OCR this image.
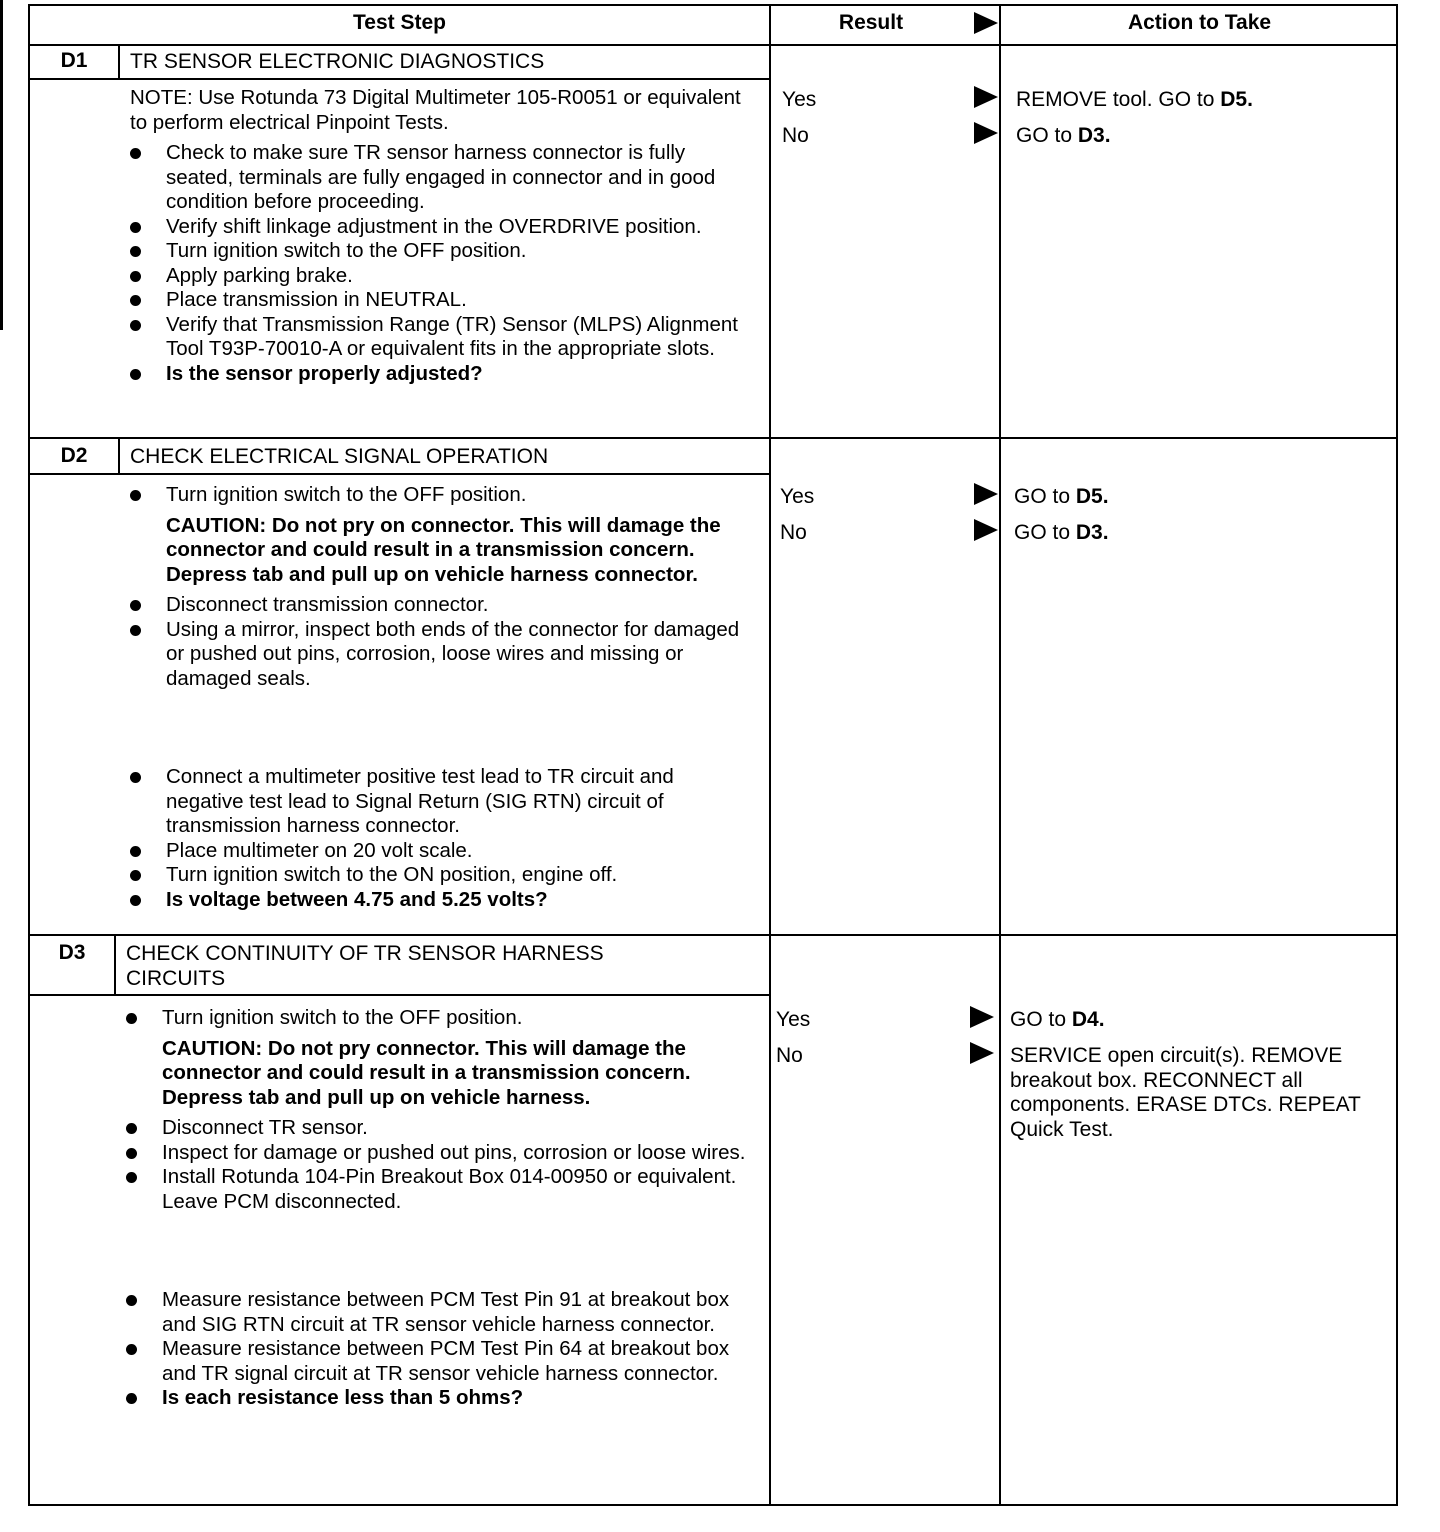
Test Step	Result	Action to Take
D1	TR SENSOR ELECTRONIC DIAGNOSTICS
NOTE: Use Rotunda 73 Digital Multimeter 105-R0051 or equivalent to perform electrical Pinpoint Tests.
Check to make sure TR sensor harness connector is fully seated, terminals are fully engaged in connector and in good condition before proceeding.
Verify shift linkage adjustment in the OVERDRIVE position.
Turn ignition switch to the OFF position.
Apply parking brake.
Place transmission in NEUTRAL.
Verify that Transmission Range (TR) Sensor (MLPS) Alignment Tool T93P-70010-A or equivalent fits in the appropriate slots.
Is the sensor properly adjusted?
Yes	REMOVE tool. GO to D5.
No	GO to D3.
D2	CHECK ELECTRICAL SIGNAL OPERATION
Turn ignition switch to the OFF position.
CAUTION: Do not pry on connector. This will damage the connector and could result in a transmission concern. Depress tab and pull up on vehicle harness connector.
Disconnect transmission connector.
Using a mirror, inspect both ends of the connector for damaged or pushed out pins, corrosion, loose wires and missing or damaged seals.
Connect a multimeter positive test lead to TR circuit and negative test lead to Signal Return (SIG RTN) circuit of transmission harness connector.
Place multimeter on 20 volt scale.
Turn ignition switch to the ON position, engine off.
Is voltage between 4.75 and 5.25 volts?
Yes	GO to D5.
No	GO to D3.
D3	CHECK CONTINUITY OF TR SENSOR HARNESS CIRCUITS
Turn ignition switch to the OFF position.
CAUTION: Do not pry connector. This will damage the connector and could result in a transmission concern. Depress tab and pull up on vehicle harness.
Disconnect TR sensor.
Inspect for damage or pushed out pins, corrosion or loose wires.
Install Rotunda 104-Pin Breakout Box 014-00950 or equivalent. Leave PCM disconnected.
Measure resistance between PCM Test Pin 91 at breakout box and SIG RTN circuit at TR sensor vehicle harness connector.
Measure resistance between PCM Test Pin 64 at breakout box and TR signal circuit at TR sensor vehicle harness connector.
Is each resistance less than 5 ohms?
Yes	GO to D4.
No	SERVICE open circuit(s). REMOVE breakout box. RECONNECT all components. ERASE DTCs. REPEAT Quick Test.
